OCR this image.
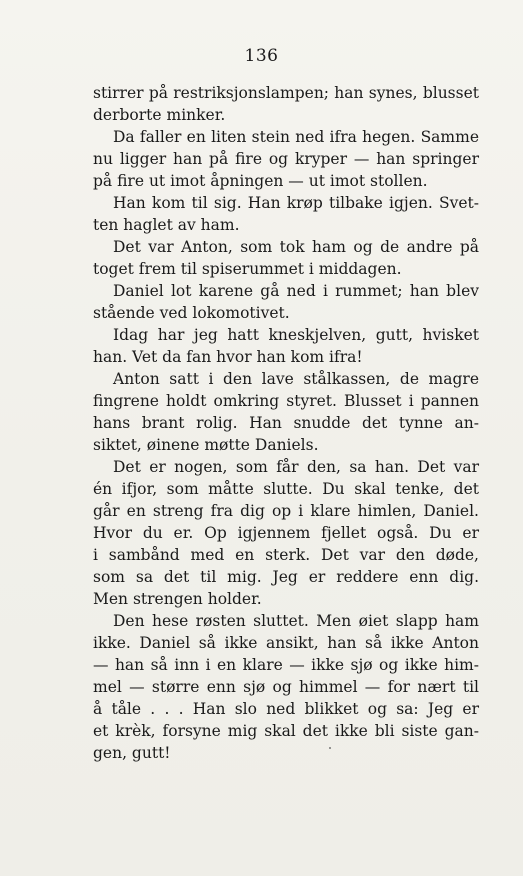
136
stirrer på restriksjonslampen; han synes, blusset
derborte minker.
Da faller en liten stein ned ifra hegen. Samme
nu ligger han på fire og kryper — han springer
på fire ut imot åpningen — ut imot stollen.
Han kom til sig. Han krøp tilbake igjen. Svet-
ten haglet av ham.
Det var Anton, som tok ham og de andre på
toget frem til spiserummet i middagen.
Daniel lot karene gå ned i rummet; han blev
stående ved lokomotivet.
Idag har jeg hatt kneskjelven, gutt, hvisket
han. Vet da fan hvor han kom ifra!
Anton satt i den lave stålkassen, de magre
fingrene holdt omkring styret. Blusset i pannen
hans brant rolig. Han snudde det tynne an-
siktet, øinene møtte Daniels.
Det er nogen, som får den, sa han. Det var
én ifjor, som måtte slutte. Du skal tenke, det
går en streng fra dig op i klare himlen, Daniel.
Hvor du er. Op igjennem fjellet også. Du er
i sambånd med en sterk. Det var den døde,
som sa det til mig. Jeg er reddere enn dig.
Men strengen holder.
Den hese røsten sluttet. Men øiet slapp ham
ikke. Daniel så ikke ansikt, han så ikke Anton
— han så inn i en klare — ikke sjø og ikke him-
mel — større enn sjø og himmel — for nært til
å tåle . . . Han slo ned blikket og sa: Jeg er
et krèk, forsyne mig skal det ikke bli siste gan-
gen, gutt!
